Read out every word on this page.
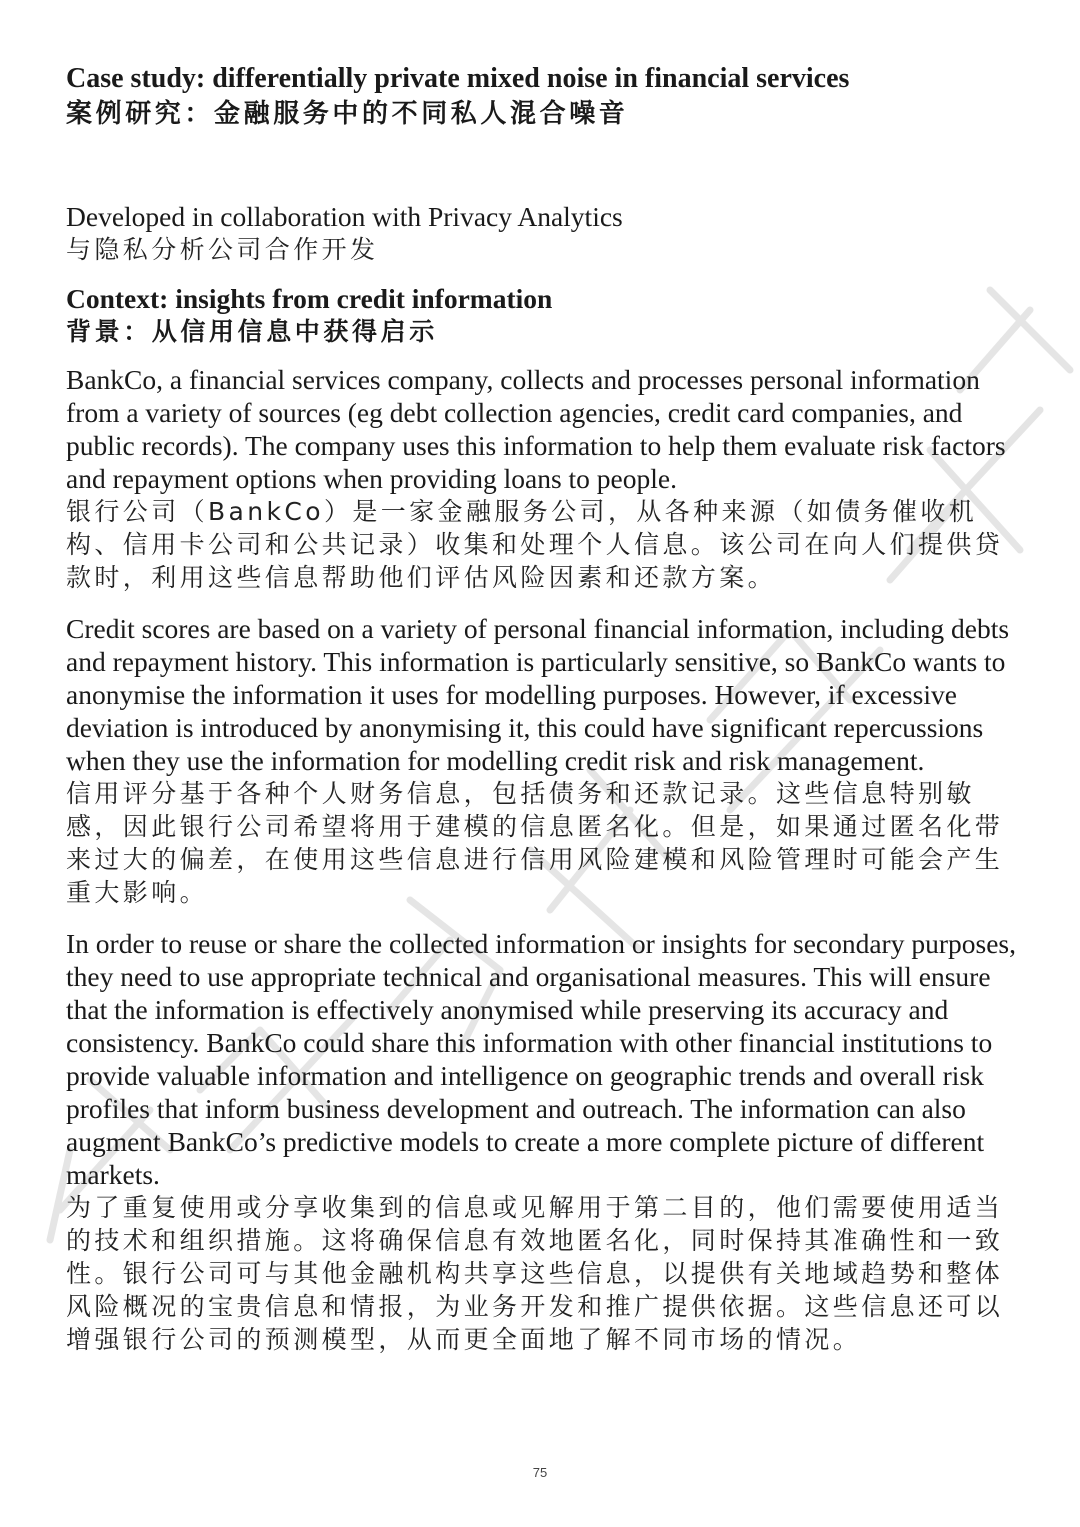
Case study: differentially private mixed noise in financial services

案例研究：金融服务中的不同私人混合噪音

Developed in collaboration with Privacy Analytics

与隐私分析公司合作开发

Context: insights from credit information

背景：从信用信息中获得启示

BankCo, a financial services company, collects and processes personal information from a variety of sources (eg debt collection agencies, credit card companies, and public records). The company uses this information to help them evaluate risk factors and repayment options when providing loans to people.

银行公司（BankCo）是一家金融服务公司，从各种来源（如债务催收机构、信用卡公司和公共记录）收集和处理个人信息。该公司在向人们提供贷款时，利用这些信息帮助他们评估风险因素和还款方案。

Credit scores are based on a variety of personal financial information, including debts and repayment history. This information is particularly sensitive, so BankCo wants to anonymise the information it uses for modelling purposes. However, if excessive deviation is introduced by anonymising it, this could have significant repercussions when they use the information for modelling credit risk and risk management.

信用评分基于各种个人财务信息，包括债务和还款记录。这些信息特别敏感，因此银行公司希望将用于建模的信息匿名化。但是，如果通过匿名化带来过大的偏差，在使用这些信息进行信用风险建模和风险管理时可能会产生重大影响。

In order to reuse or share the collected information or insights for secondary purposes, they need to use appropriate technical and organisational measures. This will ensure that the information is effectively anonymised while preserving its accuracy and consistency. BankCo could share this information with other financial institutions to provide valuable information and intelligence on geographic trends and overall risk profiles that inform business development and outreach. The information can also augment BankCo’s predictive models to create a more complete picture of different markets.

为了重复使用或分享收集到的信息或见解用于第二目的，他们需要使用适当的技术和组织措施。这将确保信息有效地匿名化，同时保持其准确性和一致性。银行公司可与其他金融机构共享这些信息，以提供有关地域趋势和整体风险概况的宝贵信息和情报，为业务开发和推广提供依据。这些信息还可以增强银行公司的预测模型，从而更全面地了解不同市场的情况。

75
